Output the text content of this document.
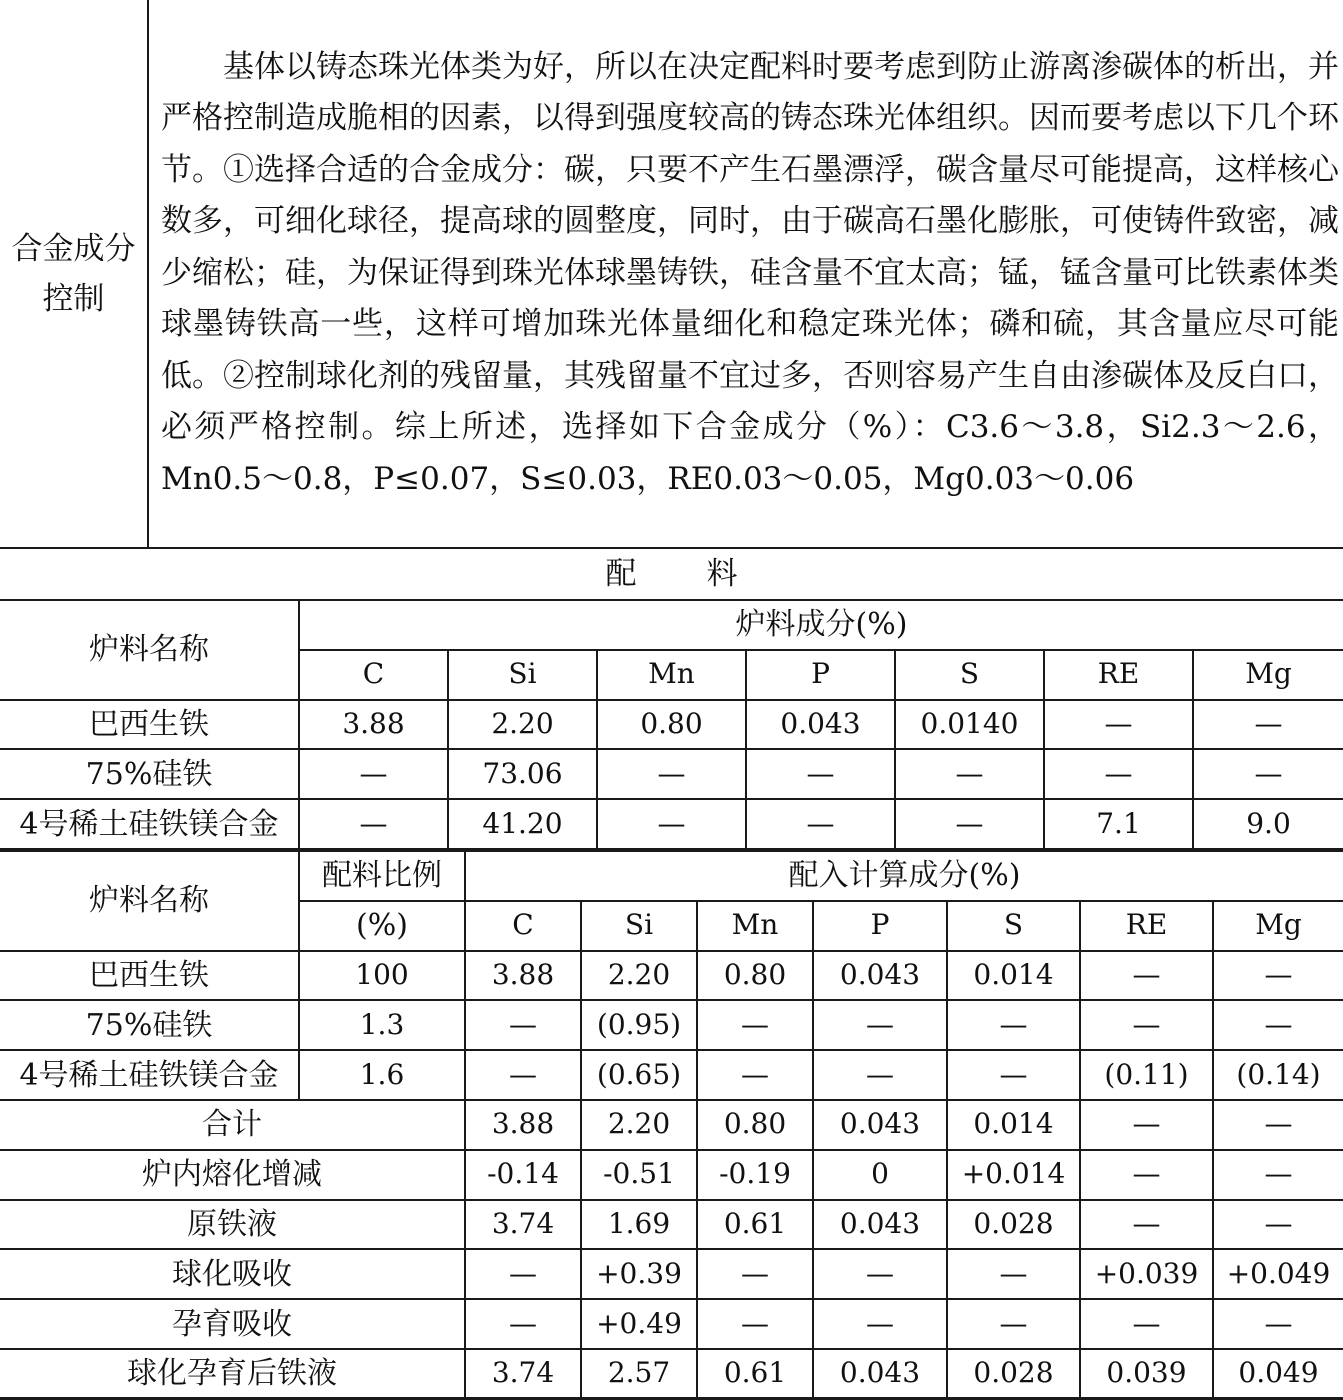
合金成分控制	

基体以铸态珠光体类为好，所以在决定配料时要考虑到防止游离渗碳体的析出，并严格控制造成脆相的因素，以得到强度较高的铸态珠光体组织。因而要考虑以下几个环节。①选择合适的合金成分：碳，只要不产生石墨漂浮，碳含量尽可能提高，这样核心数多，可细化球径，提高球的圆整度，同时，由于碳高石墨化膨胀，可使铸件致密，减少缩松；硅，为保证得到珠光体球墨铸铁，硅含量不宜太高；锰，锰含量可比铁素体类球墨铸铁高一些，这样可增加珠光体量细化和稳定珠光体；磷和硫，其含量应尽可能低。②控制球化剂的残留量，其残留量不宜过多，否则容易产生自由渗碳体及反白口，必须严格控制。综上所述，选择如下合金成分（%）：C3.6～3.8，Si2.3～2.6，Mn0.5～0.8，P≤0.07，S≤0.03，RE0.03～0.05，Mg0.03～0.06

配 料
炉料名称	炉料成分(%)						
	C	Si	Mn	P	S	RE	Mg
巴西生铁	3.88	2.20	0.80	0.043	0.0140	—	—
75%硅铁	—	73.06	—	—	—	—	—
4号稀土硅铁镁合金	—	41.20	—	—	—	7.1	9.0
炉料名称	配料比例	配入计算成分(%)						
	(%)	C	Si	Mn	P	S	RE	Mg
巴西生铁	100	3.88	2.20	0.80	0.043	0.014	—	—
75%硅铁	1.3	—	(0.95)	—	—	—	—	—
4号稀土硅铁镁合金	1.6	—	(0.65)	—	—	—	(0.11)	(0.14)
合计		3.88	2.20	0.80	0.043	0.014	—	—
炉内熔化增减		-0.14	-0.51	-0.19	0	+0.014	—	—
原铁液		3.74	1.69	0.61	0.043	0.028	—	—
球化吸收		—	+0.39	—	—	—	+0.039	+0.049
孕育吸收		—	+0.49	—	—	—	—	—
球化孕育后铁液		3.74	2.57	0.61	0.043	0.028	0.039	0.049
